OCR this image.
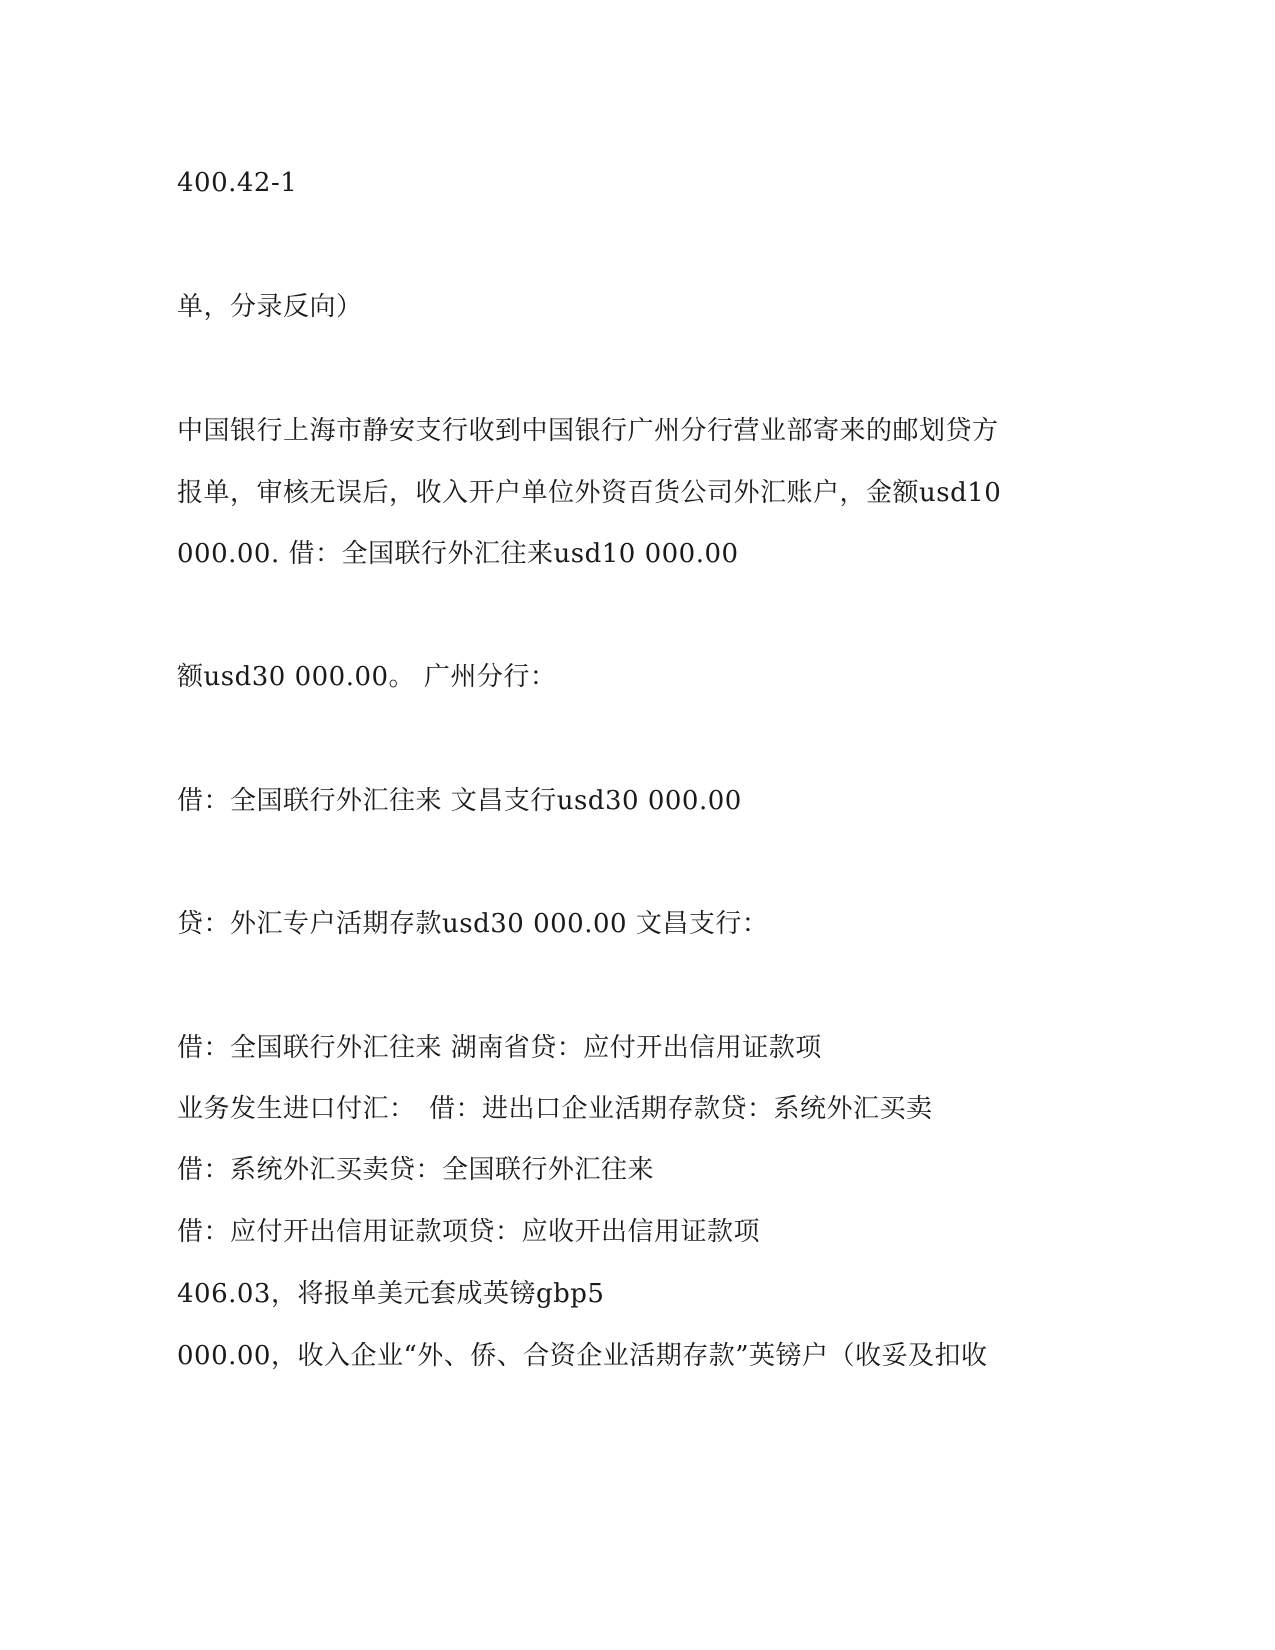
400.42-1
单，分录反向）
中国银行上海市静安支行收到中国银行广州分行营业部寄来的邮划贷方
报单，审核无误后，收入开户单位外资百货公司外汇账户，金额usd10
000.00. 借：全国联行外汇往来usd10 000.00
额usd30 000.00。 广州分行：
借：全国联行外汇往来 文昌支行usd30 000.00
贷：外汇专户活期存款usd30 000.00 文昌支行：
借：全国联行外汇往来 湖南省贷：应付开出信用证款项
业务发生进口付汇：　借：进出口企业活期存款贷：系统外汇买卖
借：系统外汇买卖贷：全国联行外汇往来
借：应付开出信用证款项贷：应收开出信用证款项
406.03，将报单美元套成英镑gbp5
000.00，收入企业“外、侨、合资企业活期存款”英镑户（收妥及扣收
